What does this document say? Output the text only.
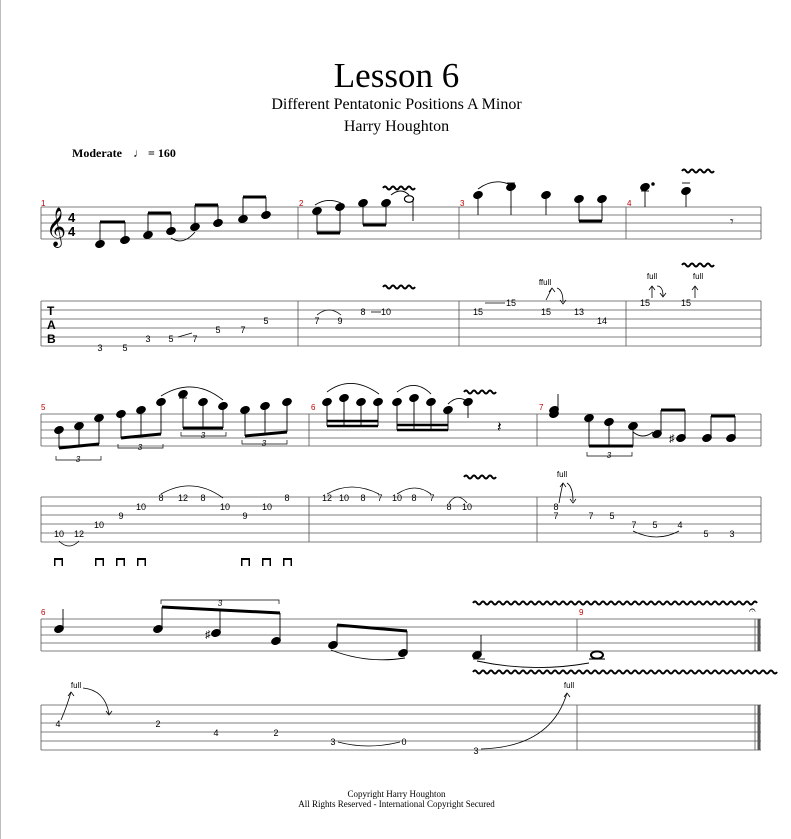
Lesson 6
Different Pentatonic Positions A Minor
Harry Houghton
Moderate ♩ = 160
𝄞 4
4
T
A
B
1	2	3	4
𝄾
3 5
3 5 7
5 7
5	7 9
8 10	15
15
15	13
14
15	15
ffull
full	full
5	6	7
3
3
3
3
3
𝄽
♯
10 12
10
9
10
8 12 8
10
9
10
8	12 10 8 7 10 8 7
8 10	8
7	7 5
7 5 4
5 3
full
6	9	𝄐
♯
3
4	2
4	2
3	0
3
full	full
Copyright Harry Houghton
All Rights Reserved - International Copyright Secured
